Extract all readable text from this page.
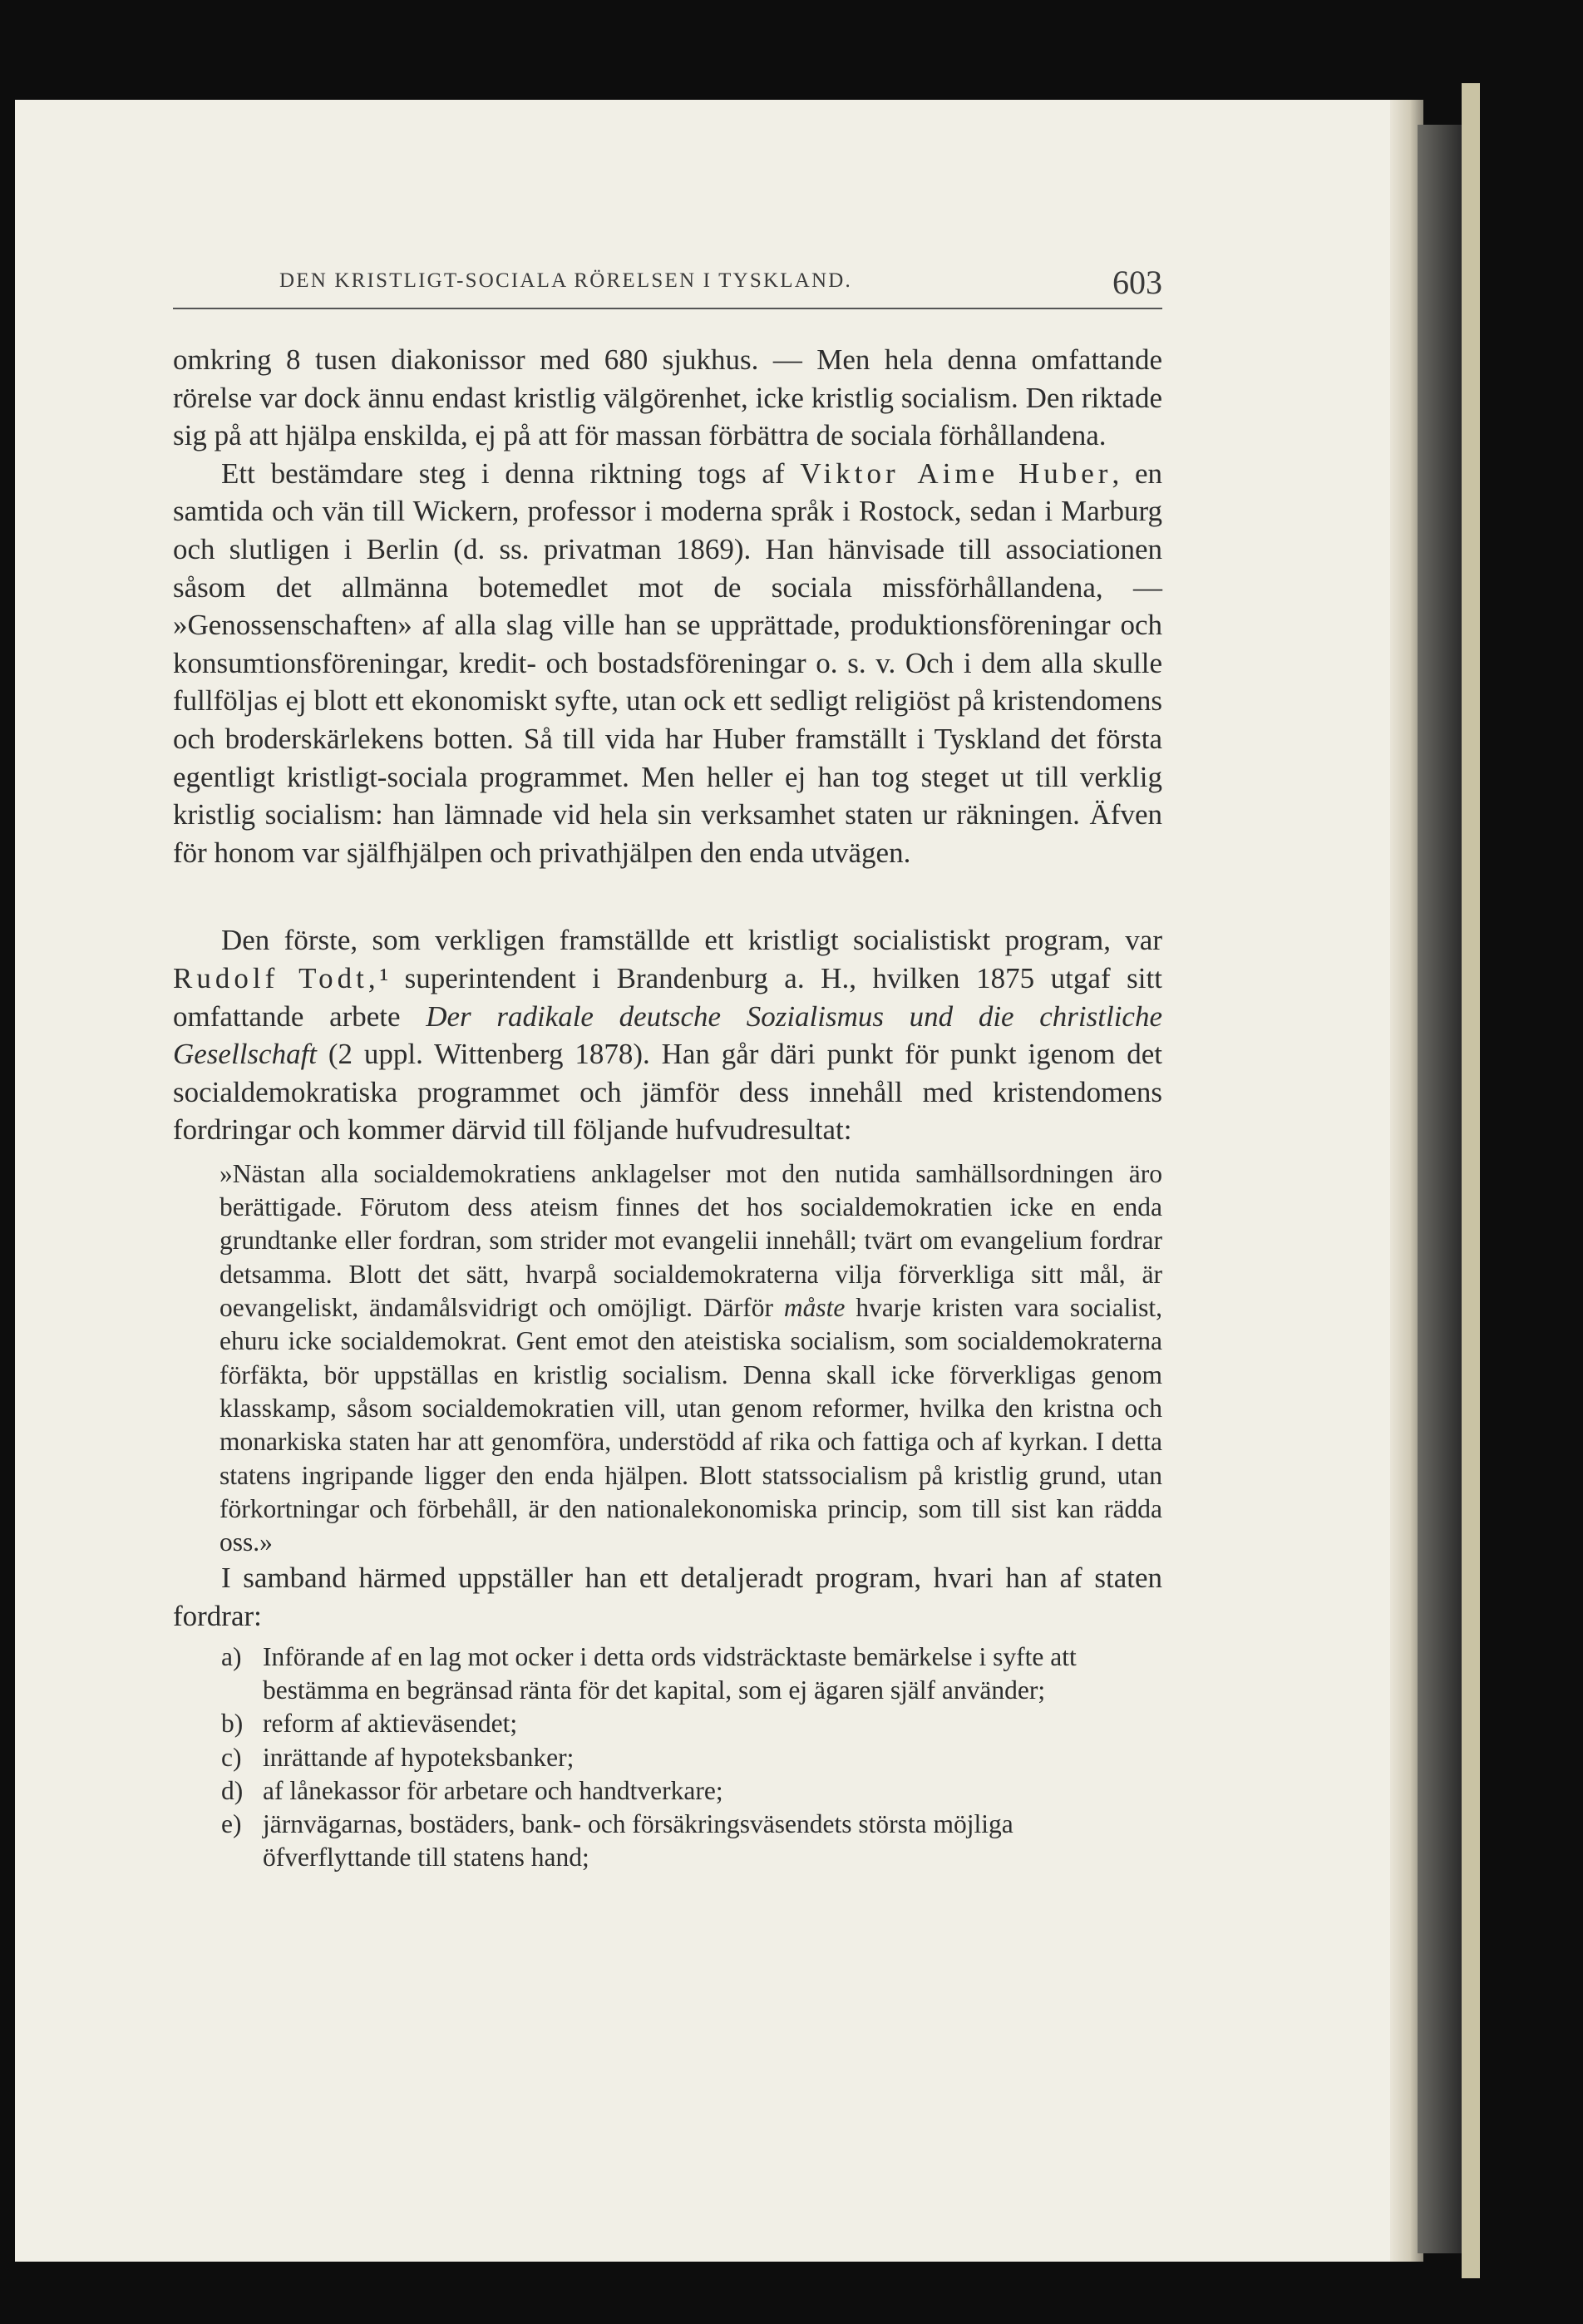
DEN KRISTLIGT-SOCIALA RÖRELSEN I TYSKLAND.	603

omkring 8 tusen diakonissor med 680 sjukhus. — Men hela denna omfattande rörelse var dock ännu endast kristlig välgörenhet, icke kristlig socialism. Den riktade sig på att hjälpa enskilda, ej på att för massan förbättra de sociala förhållandena.

Ett bestämdare steg i denna riktning togs af Viktor Aime Huber, en samtida och vän till Wickern, professor i moderna språk i Rostock, sedan i Marburg och slutligen i Berlin (d. ss. privatman 1869). Han hänvisade till associationen såsom det allmänna botemedlet mot de sociala missförhållandena, — »Genossenschaften» af alla slag ville han se upprättade, produktionsföreningar och konsumtionsföreningar, kredit- och bostadsföreningar o. s. v. Och i dem alla skulle fullföljas ej blott ett ekonomiskt syfte, utan ock ett sedligt religiöst på kristendomens och broderskärlekens botten. Så till vida har Huber framställt i Tyskland det första egentligt kristligt-sociala programmet. Men heller ej han tog steget ut till verklig kristlig socialism: han lämnade vid hela sin verksamhet staten ur räkningen. Äfven för honom var själfhjälpen och privathjälpen den enda utvägen.

Den förste, som verkligen framställde ett kristligt socialistiskt program, var Rudolf Todt,¹ superintendent i Brandenburg a. H., hvilken 1875 utgaf sitt omfattande arbete Der radikale deutsche Sozialismus und die christliche Gesellschaft (2 uppl. Wittenberg 1878). Han går däri punkt för punkt igenom det socialdemokratiska programmet och jämför dess innehåll med kristendomens fordringar och kommer därvid till följande hufvudresultat:

»Nästan alla socialdemokratiens anklagelser mot den nutida samhällsordningen äro berättigade. Förutom dess ateism finnes det hos socialdemokratien icke en enda grundtanke eller fordran, som strider mot evangelii innehåll; tvärt om evangelium fordrar detsamma. Blott det sätt, hvarpå socialdemokraterna vilja förverkliga sitt mål, är oevangeliskt, ändamålsvidrigt och omöjligt. Därför måste hvarje kristen vara socialist, ehuru icke socialdemokrat. Gent emot den ateistiska socialism, som socialdemokraterna förfäkta, bör uppställas en kristlig socialism. Denna skall icke förverkligas genom klasskamp, såsom socialdemokratien vill, utan genom reformer, hvilka den kristna och monarkiska staten har att genomföra, understödd af rika och fattiga och af kyrkan. I detta statens ingripande ligger den enda hjälpen. Blott statssocialism på kristlig grund, utan förkortningar och förbehåll, är den nationalekonomiska princip, som till sist kan rädda oss.»

I samband härmed uppställer han ett detaljeradt program, hvari han af staten fordrar:

a) Införande af en lag mot ocker i detta ords vidsträcktaste bemärkelse i syfte att bestämma en begränsad ränta för det kapital, som ej ägaren själf använder;
b) reform af aktieväsendet;
c) inrättande af hypoteksbanker;
d) af lånekassor för arbetare och handtverkare;
e) järnvägarnas, bostäders, bank- och försäkringsväsendets största möjliga öfverflyttande till statens hand;
